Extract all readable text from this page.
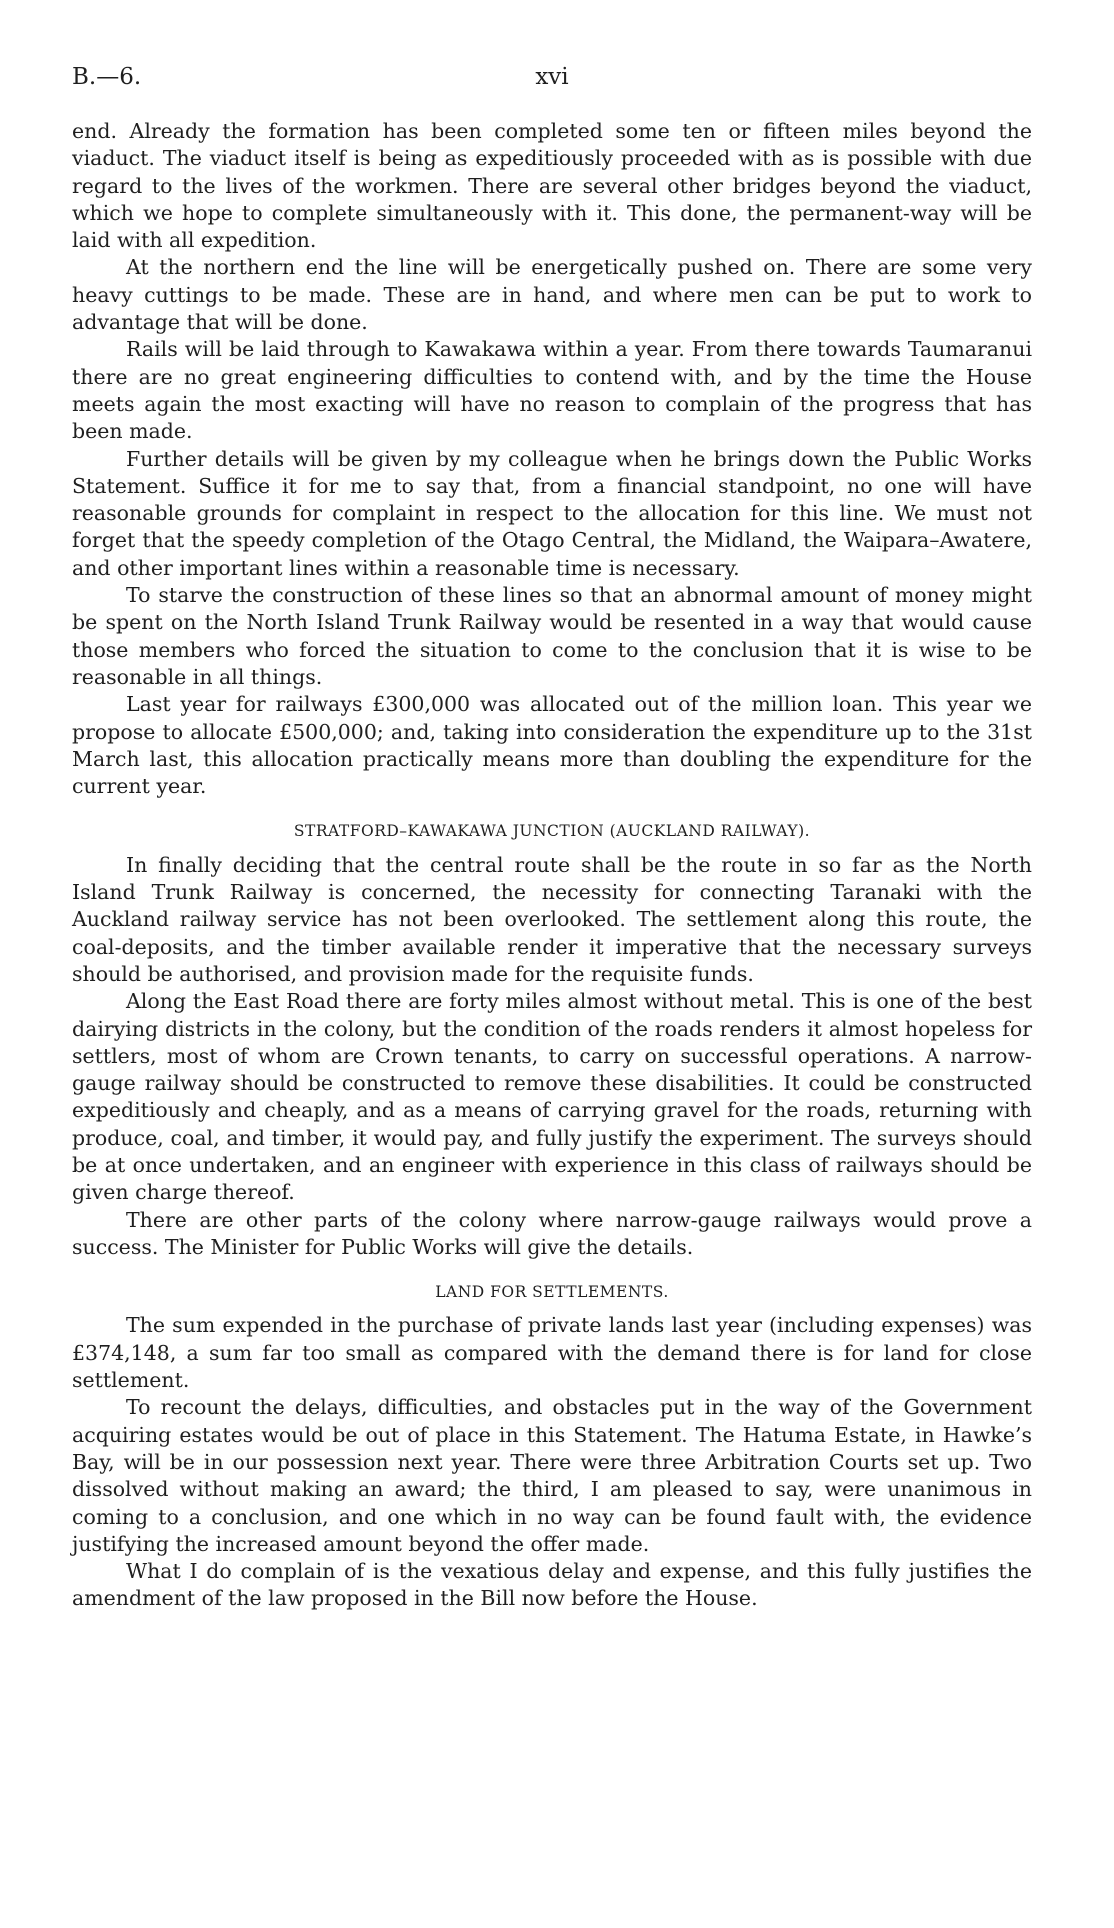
B.—6.	xvi

end. Already the formation has been completed some ten or fifteen miles beyond the viaduct. The viaduct itself is being as expeditiously proceeded with as is possible with due regard to the lives of the workmen. There are several other bridges beyond the viaduct, which we hope to complete simultaneously with it. This done, the permanent-way will be laid with all expedition.

At the northern end the line will be energetically pushed on. There are some very heavy cuttings to be made. These are in hand, and where men can be put to work to advantage that will be done.

Rails will be laid through to Kawakawa within a year. From there towards Taumaranui there are no great engineering difficulties to contend with, and by the time the House meets again the most exacting will have no reason to complain of the progress that has been made.

Further details will be given by my colleague when he brings down the Public Works Statement. Suffice it for me to say that, from a financial standpoint, no one will have reasonable grounds for complaint in respect to the allocation for this line. We must not forget that the speedy completion of the Otago Central, the Midland, the Waipara–Awatere, and other important lines within a reasonable time is necessary.

To starve the construction of these lines so that an abnormal amount of money might be spent on the North Island Trunk Railway would be resented in a way that would cause those members who forced the situation to come to the conclusion that it is wise to be reasonable in all things.

Last year for railways £300,000 was allocated out of the million loan. This year we propose to allocate £500,000; and, taking into consideration the expenditure up to the 31st March last, this allocation practically means more than doubling the expenditure for the current year.

STRATFORD–KAWAKAWA JUNCTION (AUCKLAND RAILWAY).

In finally deciding that the central route shall be the route in so far as the North Island Trunk Railway is concerned, the necessity for connecting Taranaki with the Auckland railway service has not been overlooked. The settlement along this route, the coal-deposits, and the timber available render it imperative that the necessary surveys should be authorised, and provision made for the requisite funds.

Along the East Road there are forty miles almost without metal. This is one of the best dairying districts in the colony, but the condition of the roads renders it almost hopeless for settlers, most of whom are Crown tenants, to carry on successful operations. A narrow-gauge railway should be constructed to remove these disabilities. It could be constructed expeditiously and cheaply, and as a means of carrying gravel for the roads, returning with produce, coal, and timber, it would pay, and fully justify the experiment. The surveys should be at once undertaken, and an engineer with experience in this class of railways should be given charge thereof.

There are other parts of the colony where narrow-gauge railways would prove a success. The Minister for Public Works will give the details.

LAND FOR SETTLEMENTS.

The sum expended in the purchase of private lands last year (including expenses) was £374,148, a sum far too small as compared with the demand there is for land for close settlement.

To recount the delays, difficulties, and obstacles put in the way of the Government acquiring estates would be out of place in this Statement. The Hatuma Estate, in Hawke’s Bay, will be in our possession next year. There were three Arbitration Courts set up. Two dissolved without making an award; the third, I am pleased to say, were unanimous in coming to a conclusion, and one which in no way can be found fault with, the evidence justifying the increased amount beyond the offer made.

What I do complain of is the vexatious delay and expense, and this fully justifies the amendment of the law proposed in the Bill now before the House.
